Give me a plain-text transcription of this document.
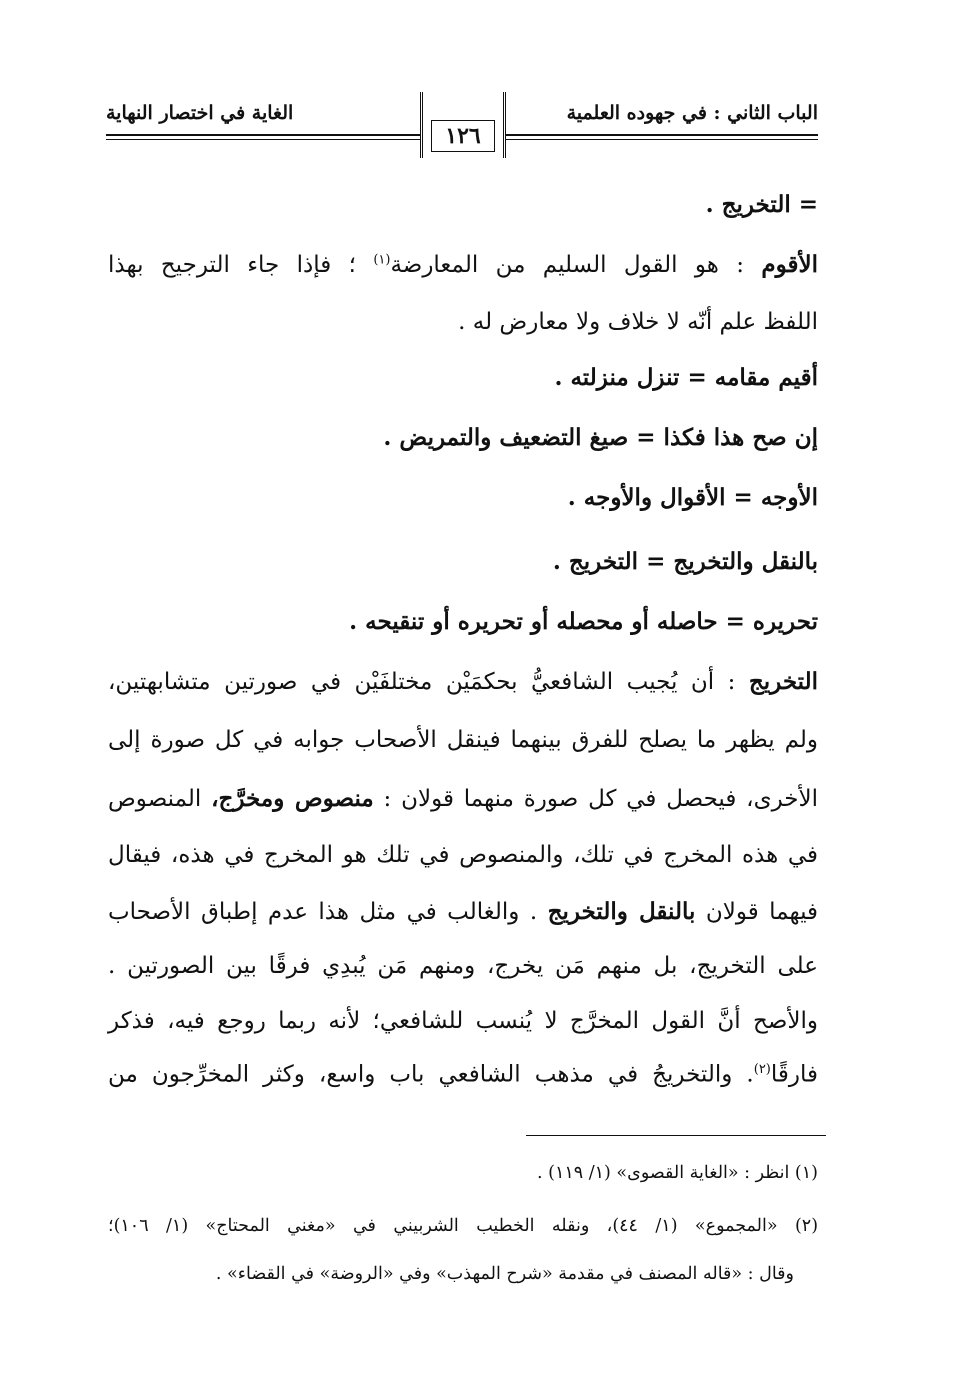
الباب الثاني : في جهوده العلمية
الغاية في اختصار النهاية
١٢٦
= التخريج .
الأقوم : هو القول السليم من المعارضة$^{(١)}$ ؛ فإذا جاء الترجيح بهذا
اللفظ علم أنّه لا خلاف ولا معارض له .
أقيم مقامه = تنزل منزلته .
إن صح هذا فكذا = صيغ التضعيف والتمريض .
الأوجه = الأقوال والأوجه .
بالنقل والتخريج = التخريج .
تحريره = حاصله أو محصله أو تحريره أو تنقيحه .
التخريج : أن يُجيب الشافعيُّ بحكمَيْن مختلفَيْن في صورتين متشابهتين،
ولم يظهر ما يصلح للفرق بينهما فينقل الأصحاب جوابه في كل صورة إلى
الأخرى، فيحصل في كل صورة منهما قولان : منصوص ومخرَّج، المنصوص
في هذه المخرج في تلك، والمنصوص في تلك هو المخرج في هذه، فيقال
فيهما قولان بالنقل والتخريج . والغالب في مثل هذا عدم إطباق الأصحاب
على التخريج، بل منهم مَن يخرج، ومنهم مَن يُبدِي فرقًا بين الصورتين .
والأصح أنَّ القول المخرَّج لا يُنسب للشافعي؛ لأنه ربما روجع فيه، فذكر
فارقًا$^{(٢)}$. والتخريجُ في مذهب الشافعي باب واسع، وكثر المخرِّجون من
(١) انظر : «الغاية القصوى» (١/ ١١٩) .
(٢) «المجموع» (١/ ٤٤)، ونقله الخطيب الشربيني في «مغني المحتاج» (١/ ١٠٦)؛
وقال : «قاله المصنف في مقدمة «شرح المهذب» وفي «الروضة» في القضاء» .
